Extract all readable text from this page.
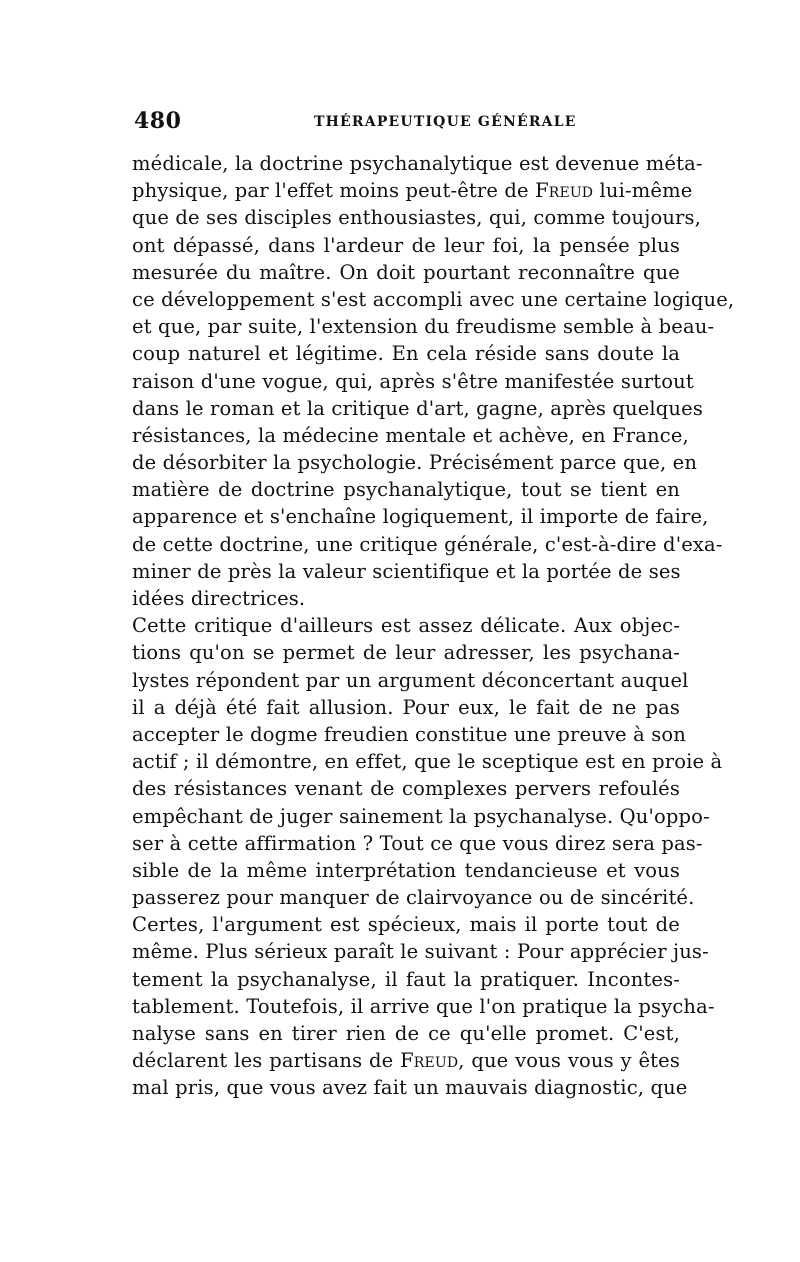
480	THÉRAPEUTIQUE GÉNÉRALE
médicale, la doctrine psychanalytique est devenue méta-
physique, par l'effet moins peut-être de Freud lui-même
que de ses disciples enthousiastes, qui, comme toujours,
ont dépassé, dans l'ardeur de leur foi, la pensée plus
mesurée du maître. On doit pourtant reconnaître que
ce développement s'est accompli avec une certaine logique,
et que, par suite, l'extension du freudisme semble à beau-
coup naturel et légitime. En cela réside sans doute la
raison d'une vogue, qui, après s'être manifestée surtout
dans le roman et la critique d'art, gagne, après quelques
résistances, la médecine mentale et achève, en France,
de désorbiter la psychologie. Précisément parce que, en
matière de doctrine psychanalytique, tout se tient en
apparence et s'enchaîne logiquement, il importe de faire,
de cette doctrine, une critique générale, c'est-à-dire d'exa-
miner de près la valeur scientifique et la portée de ses
idées directrices.
Cette critique d'ailleurs est assez délicate. Aux objec-
tions qu'on se permet de leur adresser, les psychana-
lystes répondent par un argument déconcertant auquel
il a déjà été fait allusion. Pour eux, le fait de ne pas
accepter le dogme freudien constitue une preuve à son
actif ; il démontre, en effet, que le sceptique est en proie à
des résistances venant de complexes pervers refoulés
empêchant de juger sainement la psychanalyse. Qu'oppo-
ser à cette affirmation ? Tout ce que vous direz sera pas-
sible de la même interprétation tendancieuse et vous
passerez pour manquer de clairvoyance ou de sincérité.
Certes, l'argument est spécieux, mais il porte tout de
même. Plus sérieux paraît le suivant : Pour apprécier jus-
tement la psychanalyse, il faut la pratiquer. Incontes-
tablement. Toutefois, il arrive que l'on pratique la psycha-
nalyse sans en tirer rien de ce qu'elle promet. C'est,
déclarent les partisans de Freud, que vous vous y êtes
mal pris, que vous avez fait un mauvais diagnostic, que
